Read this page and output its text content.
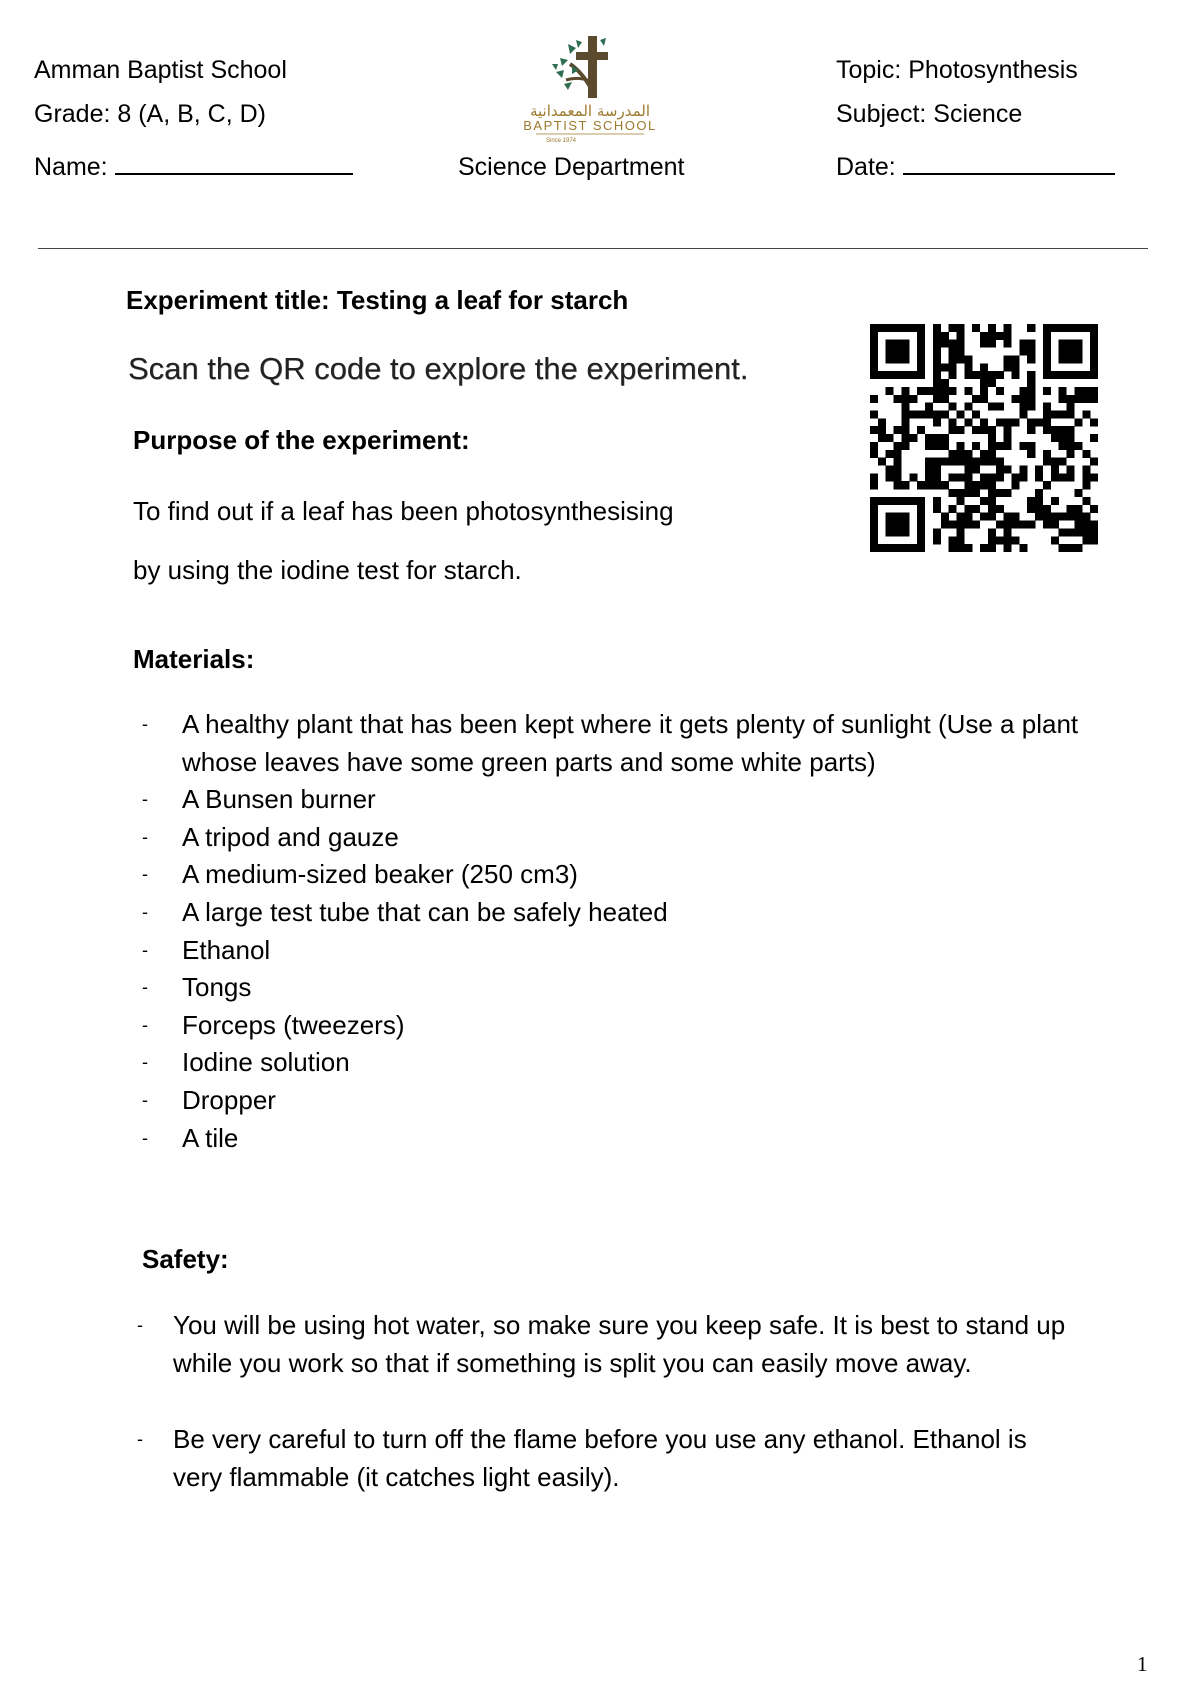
Amman Baptist School
Grade: 8 (A, B, C, D)
Name:
المدرسة المعمدانية
BAPTIST SCHOOL
Since 1974
Science Department
Topic: Photosynthesis
Subject: Science
Date:
Experiment title: Testing a leaf for starch
Scan the QR code to explore the experiment.
Purpose of the experiment:
To find out if a leaf has been photosynthesising
by using the iodine test for starch.
Materials:
- A healthy plant that has been kept where it gets plenty of sunlight (Use a plant whose leaves have some green parts and some white parts)
- A Bunsen burner
- A tripod and gauze
- A medium-sized beaker (250 cm3)
- A large test tube that can be safely heated
- Ethanol
- Tongs
- Forceps (tweezers)
- Iodine solution
- Dropper
- A tile
Safety:
-	You will be using hot water, so make sure you keep safe. It is best to stand up while you work so that if something is split you can easily move away.
-	Be very careful to turn off the flame before you use any ethanol. Ethanol is very flammable (it catches light easily).
1
